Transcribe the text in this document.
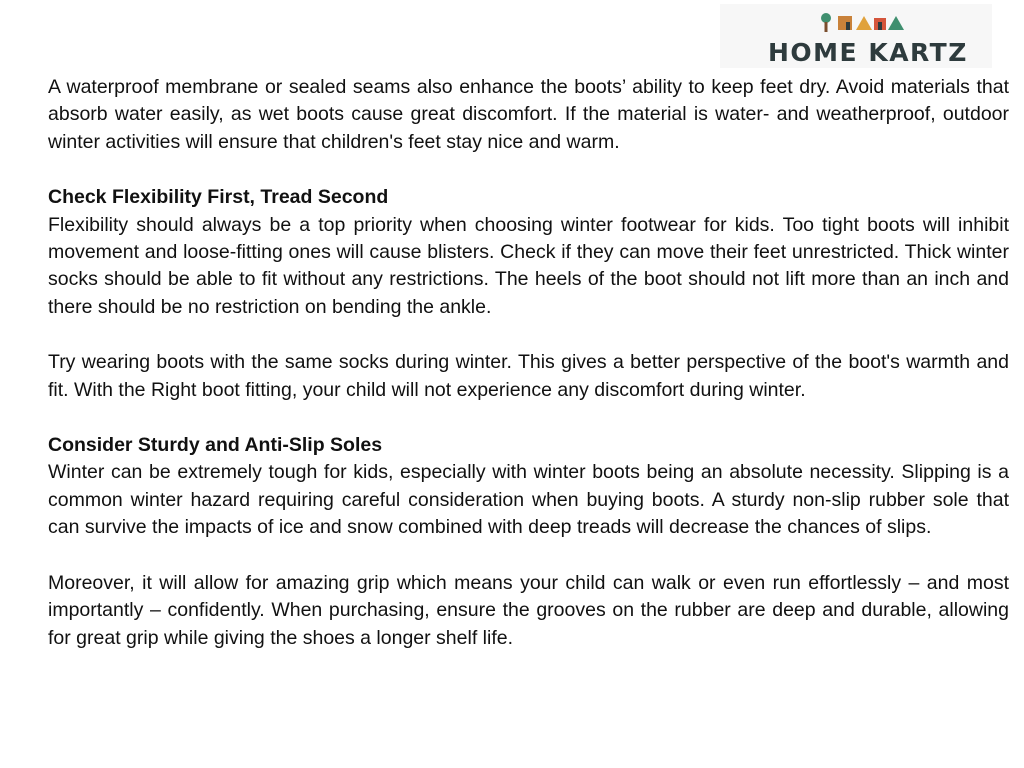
HOME KARTZ

A waterproof membrane or sealed seams also enhance the boots’ ability to keep feet dry. Avoid materials that absorb water easily, as wet boots cause great discomfort. If the material is water- and weatherproof, outdoor winter activities will ensure that children's feet stay nice and warm.

Check Flexibility First, Tread Second

Flexibility should always be a top priority when choosing winter footwear for kids. Too tight boots will inhibit movement and loose-fitting ones will cause blisters. Check if they can move their feet unrestricted. Thick winter socks should be able to fit without any restrictions. The heels of the boot should not lift more than an inch and there should be no restriction on bending the ankle.

Try wearing boots with the same socks during winter. This gives a better perspective of the boot's warmth and fit. With the Right boot fitting, your child will not experience any discomfort during winter.

Consider Sturdy and Anti-Slip Soles

Winter can be extremely tough for kids, especially with winter boots being an absolute necessity. Slipping is a common winter hazard requiring careful consideration when buying boots. A sturdy non-slip rubber sole that can survive the impacts of ice and snow combined with deep treads will decrease the chances of slips.

Moreover, it will allow for amazing grip which means your child can walk or even run effortlessly – and most importantly – confidently. When purchasing, ensure the grooves on the rubber are deep and durable, allowing for great grip while giving the shoes a longer shelf life.
